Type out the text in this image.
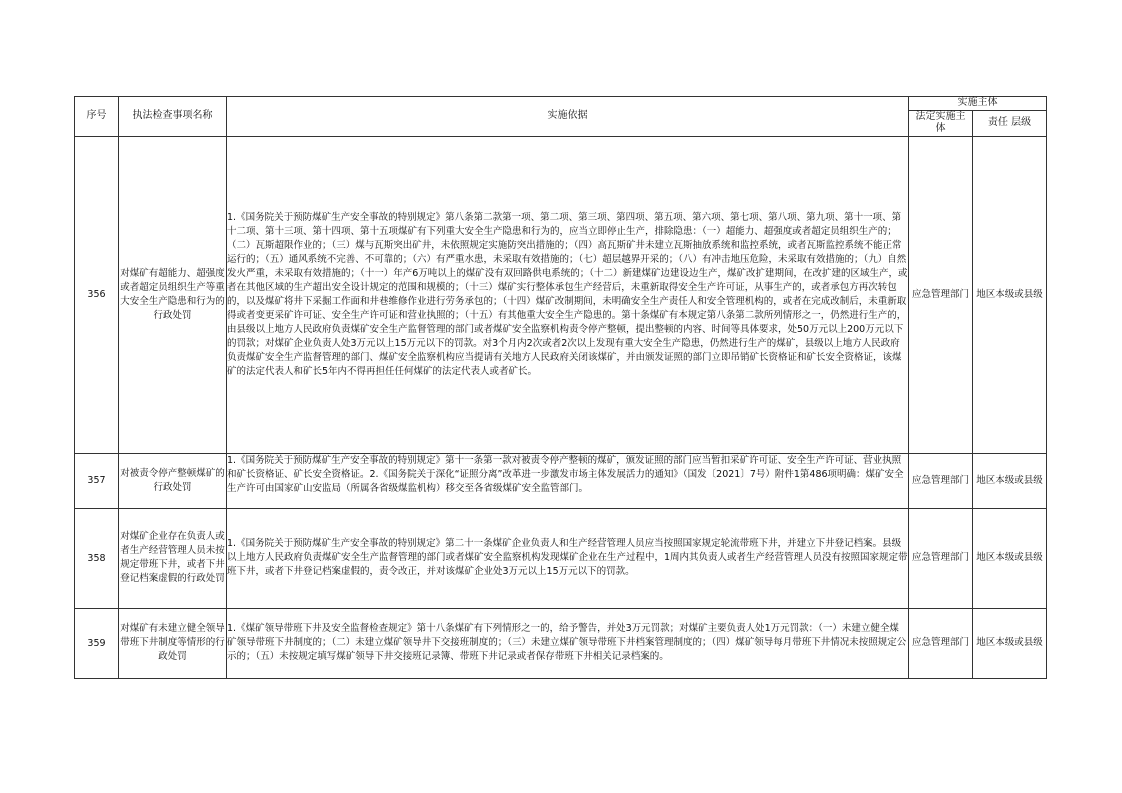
序号	执法检查事项名称	实施依据	实施主体	
			法定实施主体	责任 层级
356	对煤矿有超能力、超强度或者超定员组织生产等重大安全生产隐患和行为的行政处罚	1.《国务院关于预防煤矿生产安全事故的特别规定》第八条第二款第一项、第二项、第三项、第四项、第五项、第六项、第七项、第八项、第九项、第十一项、第十二项、第十三项、第十四项、第十五项煤矿有下列重大安全生产隐患和行为的，应当立即停止生产，排除隐患：（一）超能力、超强度或者超定员组织生产的；（二）瓦斯超限作业的；（三）煤与瓦斯突出矿井，未依照规定实施防突出措施的；（四）高瓦斯矿井未建立瓦斯抽放系统和监控系统，或者瓦斯监控系统不能正常运行的；（五）通风系统不完善、不可靠的；（六）有严重水患，未采取有效措施的；（七）超层越界开采的；（八）有冲击地压危险，未采取有效措施的；（九）自然发火严重，未采取有效措施的；（十一）年产6万吨以上的煤矿没有双回路供电系统的；（十二）新建煤矿边建设边生产，煤矿改扩建期间，在改扩建的区域生产，或者在其他区域的生产超出安全设计规定的范围和规模的；（十三）煤矿实行整体承包生产经营后，未重新取得安全生产许可证，从事生产的，或者承包方再次转包的，以及煤矿将井下采掘工作面和井巷维修作业进行劳务承包的；（十四）煤矿改制期间，未明确安全生产责任人和安全管理机构的，或者在完成改制后，未重新取得或者变更采矿许可证、安全生产许可证和营业执照的；（十五）有其他重大安全生产隐患的。第十条煤矿有本规定第八条第二款所列情形之一，仍然进行生产的，由县级以上地方人民政府负责煤矿安全生产监督管理的部门或者煤矿安全监察机构责令停产整顿，提出整顿的内容、时间等具体要求，处50万元以上200万元以下的罚款；对煤矿企业负责人处3万元以上15万元以下的罚款。对3个月内2次或者2次以上发现有重大安全生产隐患，仍然进行生产的煤矿，县级以上地方人民政府负责煤矿安全生产监督管理的部门、煤矿安全监察机构应当提请有关地方人民政府关闭该煤矿，并由颁发证照的部门立即吊销矿长资格证和矿长安全资格证，该煤矿的法定代表人和矿长5年内不得再担任任何煤矿的法定代表人或者矿长。	应急管理部门	地区本级或县级
357	对被责令停产整顿煤矿的行政处罚	1.《国务院关于预防煤矿生产安全事故的特别规定》第十一条第一款对被责令停产整顿的煤矿，颁发证照的部门应当暂扣采矿许可证、安全生产许可证、营业执照和矿长资格证、矿长安全资格证。2.《国务院关于深化“证照分离”改革进一步激发市场主体发展活力的通知》（国发〔2021〕7号）附件1第486项明确：煤矿安全生产许可由国家矿山安监局（所属各省级煤监机构）移交至各省级煤矿安全监管部门。	应急管理部门	地区本级或县级
358	对煤矿企业存在负责人或者生产经营管理人员未按规定带班下井，或者下井登记档案虚假的行政处罚	1.《国务院关于预防煤矿生产安全事故的特别规定》第二十一条煤矿企业负责人和生产经营管理人员应当按照国家规定轮流带班下井，并建立下井登记档案。县级以上地方人民政府负责煤矿安全生产监督管理的部门或者煤矿安全监察机构发现煤矿企业在生产过程中，1周内其负责人或者生产经营管理人员没有按照国家规定带班下井，或者下井登记档案虚假的，责令改正，并对该煤矿企业处3万元以上15万元以下的罚款。	应急管理部门	地区本级或县级
359	对煤矿有未建立健全领导带班下井制度等情形的行政处罚	1.《煤矿领导带班下井及安全监督检查规定》第十八条煤矿有下列情形之一的，给予警告，并处3万元罚款；对煤矿主要负责人处1万元罚款：（一）未建立健全煤矿领导带班下井制度的；（二）未建立煤矿领导井下交接班制度的；（三）未建立煤矿领导带班下井档案管理制度的；（四）煤矿领导每月带班下井情况未按照规定公示的；（五）未按规定填写煤矿领导下井交接班记录簿、带班下井记录或者保存带班下井相关记录档案的。	应急管理部门	地区本级或县级
